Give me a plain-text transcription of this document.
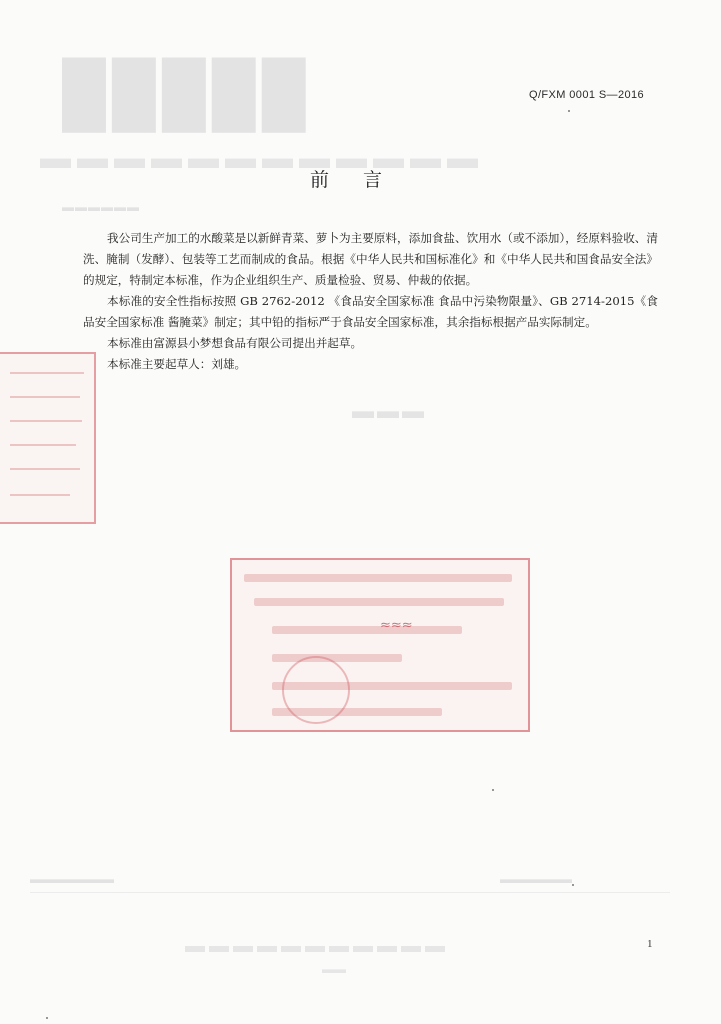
█████
▬▬▬▬▬▬▬▬▬▬▬▬
▬▬▬▬▬▬
▬▬▬
▬▬▬▬▬▬▬	▬▬▬▬▬▬
▬▬▬▬▬▬▬▬▬▬▬
▬▬
≈≈≈
Q/FXM 0001 S—2016
前言

我公司生产加工的水酸菜是以新鲜青菜、萝卜为主要原料，添加食盐、饮用水（或不添加），经原料验收、清洗、腌制（发酵）、包装等工艺而制成的食品。根据《中华人民共和国标准化》和《中华人民共和国食品安全法》的规定，特制定本标准，作为企业组织生产、质量检验、贸易、仲裁的依据。

本标准的安全性指标按照 GB 2762-2012 《食品安全国家标准 食品中污染物限量》、GB 2714-2015《食品安全国家标准 酱腌菜》制定；其中铅的指标严于食品安全国家标准，其余指标根据产品实际制定。

本标准由富源县小梦想食品有限公司提出并起草。

本标准主要起草人：刘雄。

1
